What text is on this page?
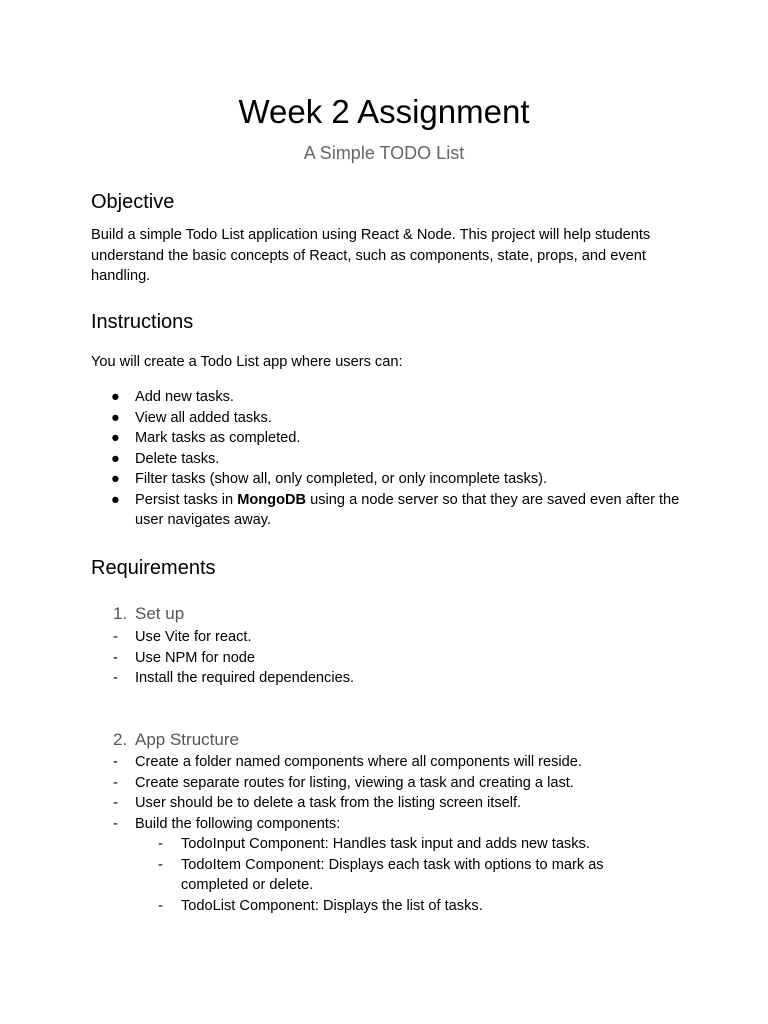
Week 2 Assignment
A Simple TODO List
Objective

Build a simple Todo List application using React & Node. This project will help students understand the basic concepts of React, such as components, state, props, and event handling.

Instructions

You will create a Todo List app where users can:

● Add new tasks.
● View all added tasks.
● Mark tasks as completed.
● Delete tasks.
● Filter tasks (show all, only completed, or only incomplete tasks).
● Persist tasks in MongoDB using a node server so that they are saved even after the user navigates away.
Requirements
1. Set up
- Use Vite for react.
- Use NPM for node
- Install the required dependencies.
2. App Structure
- Create a folder named components where all components will reside.
- Create separate routes for listing, viewing a task and creating a last.
- User should be to delete a task from the listing screen itself.
- Build the following components:
- TodoInput Component: Handles task input and adds new tasks.
- TodoItem Component: Displays each task with options to mark as completed or delete.
- TodoList Component: Displays the list of tasks.
